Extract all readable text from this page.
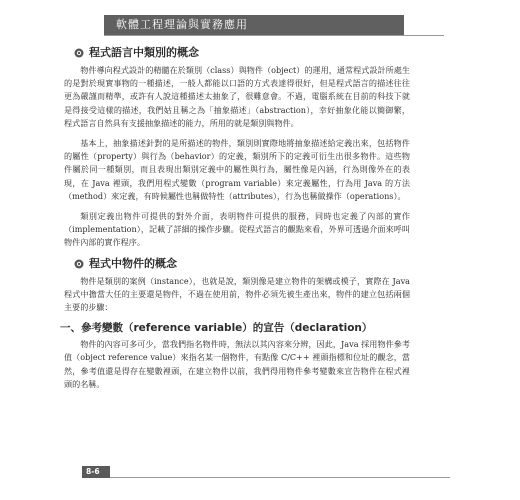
軟體工程理論與實務應用
程式語言中類別的概念

物件導向程式設計的精髓在於類別（class）與物件（object）的運用，通常程式設計所處生的是對於現實事物的一種描述，一般人都能以口語的方式表達得很好，但是程式語言的描述往往更為嚴謹而精準，或許有人說這種描述太抽象了，很難意會。不過，電腦系統在目前的科技下就是得接受這樣的描述，我們姑且稱之為「抽象描述」（abstraction），幸好抽象化能以簡御繁，程式語言自然具有支援抽象描述的能力，所用的就是類別與物件。

基本上，抽象描述針對的是所描述的物件，類別則實際地將抽象描述給定義出來，包括物件的屬性（property）與行為（behavior）的定義，類別所下的定義可衍生出很多物件。這些物件屬於同一種類別，而且表現出類別定義中的屬性與行為，屬性像是內涵，行為則像外在的表現，在 Java 裡頭，我們用程式變數（program variable）來定義屬性，行為用 Java 的方法（method）來定義，有時候屬性也稱做特性（attributes），行為也稱做操作（operations）。

類別定義出物件可提供的對外介面，表明物件可提供的服務，同時也定義了內部的實作（implementation），記載了詳細的操作步驟。從程式語言的觀點來看，外界可透過介面來呼叫物件內部的實作程序。

程式中物件的概念

物件是類別的案例（instance），也就是說，類別像是建立物件的架構或模子，實際在 Java 程式中擔當大任的主要還是物件，不過在使用前，物件必須先被生產出來，物件的建立包括兩個主要的步驟：

一、參考變數（reference variable）的宣告（declaration）

物件的內容可多可少，當我們指名物件時，無法以其內容來分辨，因此，Java 採用物件參考值（object reference value）來指名某一個物件，有點像 C/C++ 裡頭指標和位址的觀念，當然，參考值還是得存在變數裡頭，在建立物件以前，我們得用物件參考變數來宣告物件在程式裡頭的名稱。

8-6
